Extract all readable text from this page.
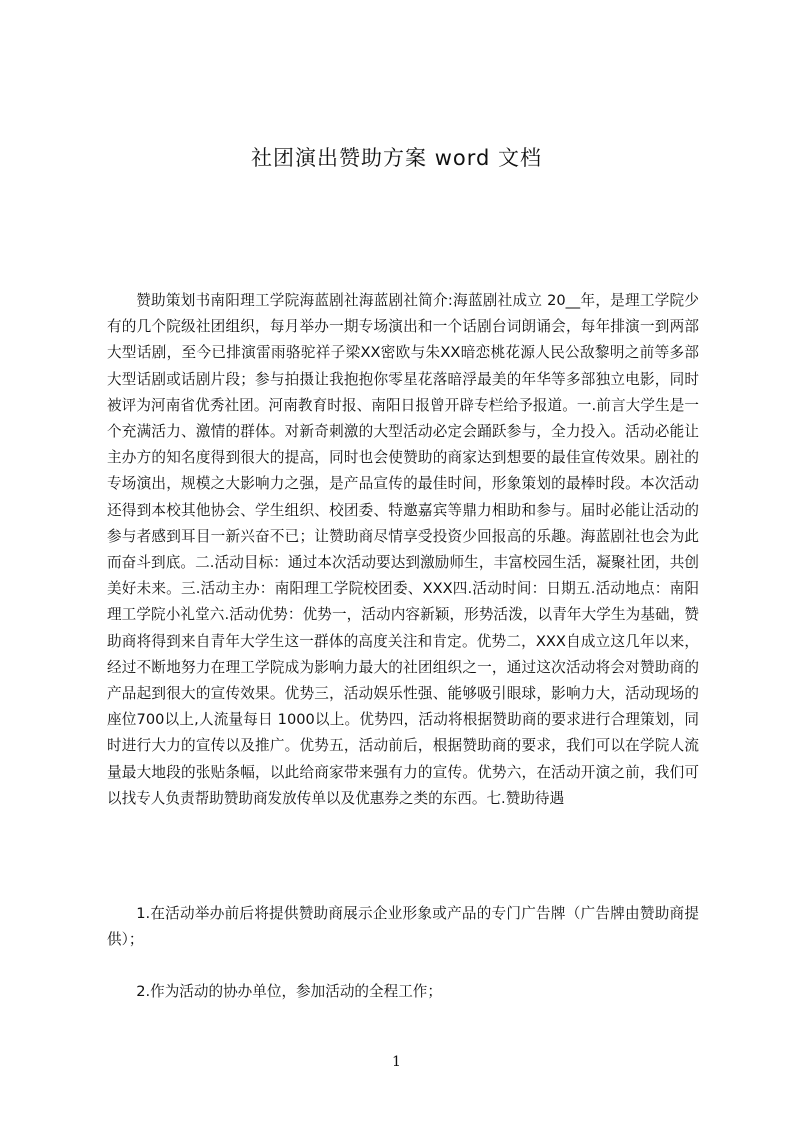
社团演出赞助方案 word 文档

赞助策划书南阳理工学院海蓝剧社海蓝剧社简介:海蓝剧社成立 20__年，是理工学院少有的几个院级社团组织，每月举办一期专场演出和一个话剧台词朗诵会，每年排演一到两部大型话剧，至今已排演雷雨骆驼祥子梁XX密欧与朱XX暗恋桃花源人民公敌黎明之前等多部大型话剧或话剧片段；参与拍摄让我抱抱你零星花落暗浮最美的年华等多部独立电影，同时被评为河南省优秀社团。河南教育时报、南阳日报曾开辟专栏给予报道。一.前言大学生是一个充满活力、激情的群体。对新奇刺激的大型活动必定会踊跃参与，全力投入。活动必能让主办方的知名度得到很大的提高，同时也会使赞助的商家达到想要的最佳宣传效果。剧社的专场演出，规模之大影响力之强，是产品宣传的最佳时间，形象策划的最棒时段。本次活动还得到本校其他协会、学生组织、校团委、特邀嘉宾等鼎力相助和参与。届时必能让活动的参与者感到耳目一新兴奋不已；让赞助商尽情享受投资少回报高的乐趣。海蓝剧社也会为此而奋斗到底。二.活动目标：通过本次活动要达到激励师生，丰富校园生活，凝聚社团，共创美好未来。三.活动主办：南阳理工学院校团委、XXX四.活动时间：日期五.活动地点：南阳理工学院小礼堂六.活动优势：优势一，活动内容新颖，形势活泼，以青年大学生为基础，赞助商将得到来自青年大学生这一群体的高度关注和肯定。优势二，XXX自成立这几年以来，经过不断地努力在理工学院成为影响力最大的社团组织之一，通过这次活动将会对赞助商的产品起到很大的宣传效果。优势三，活动娱乐性强、能够吸引眼球，影响力大，活动现场的座位700以上,人流量每日 1000以上。优势四，活动将根据赞助商的要求进行合理策划，同时进行大力的宣传以及推广。优势五，活动前后，根据赞助商的要求，我们可以在学院人流量最大地段的张贴条幅，以此给商家带来强有力的宣传。优势六，在活动开演之前，我们可以找专人负责帮助赞助商发放传单以及优惠券之类的东西。七.赞助待遇

1.在活动举办前后将提供赞助商展示企业形象或产品的专门广告牌（广告牌由赞助商提供）；

2.作为活动的协办单位，参加活动的全程工作；

1
